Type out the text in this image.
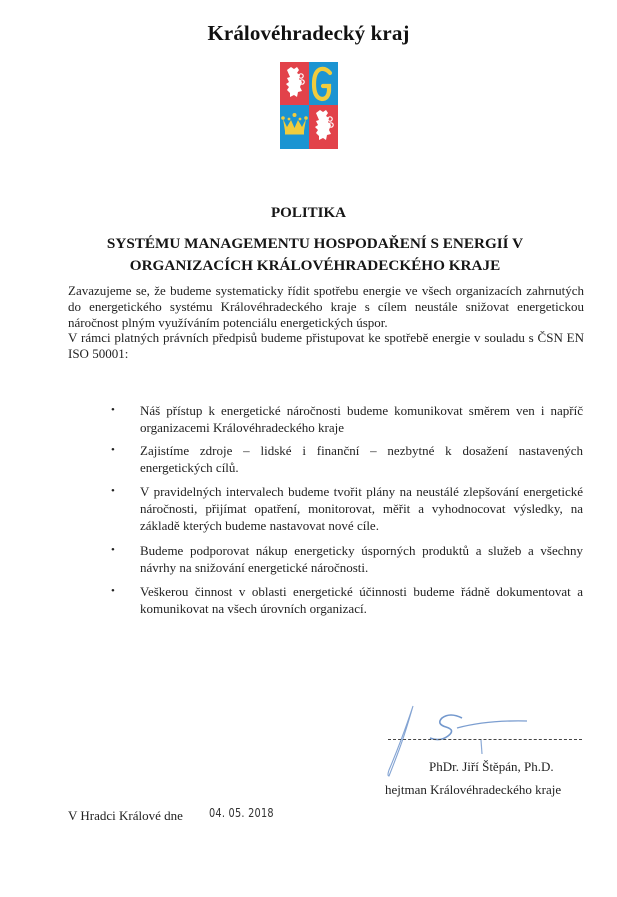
Královéhradecký kraj
POLITIKA
SYSTÉMU MANAGEMENTU HOSPODAŘENÍ S ENERGIÍ V
ORGANIZACÍCH KRÁLOVÉHRADECKÉHO KRAJE

Zavazujeme se, že budeme systematicky řídit spotřebu energie ve všech organizacích zahrnutých do energetického systému Královéhradeckého kraje s cílem neustále snižovat energetickou náročnost plným využíváním potenciálu energetických úspor.

V rámci platných právních předpisů budeme přistupovat ke spotřebě energie v souladu s ČSN EN ISO 50001:

• Náš přístup k energetické náročnosti budeme komunikovat směrem ven i napříč organizacemi Královéhradeckého kraje
• Zajistíme zdroje – lidské i finanční – nezbytné k dosažení nastavených energetických cílů.
• V pravidelných intervalech budeme tvořit plány na neustálé zlepšování energetické náročnosti, přijímat opatření, monitorovat, měřit a vyhodnocovat výsledky, na základě kterých budeme nastavovat nové cíle.
• Budeme podporovat nákup energeticky úsporných produktů a služeb a všechny návrhy na snižování energetické náročnosti.
• Veškerou činnost v oblasti energetické účinnosti budeme řádně dokumentovat a komunikovat na všech úrovních organizací.
PhDr. Jiří Štěpán, Ph.D.
hejtman Královéhradeckého kraje
V Hradci Králové dne 04. 05. 2018
